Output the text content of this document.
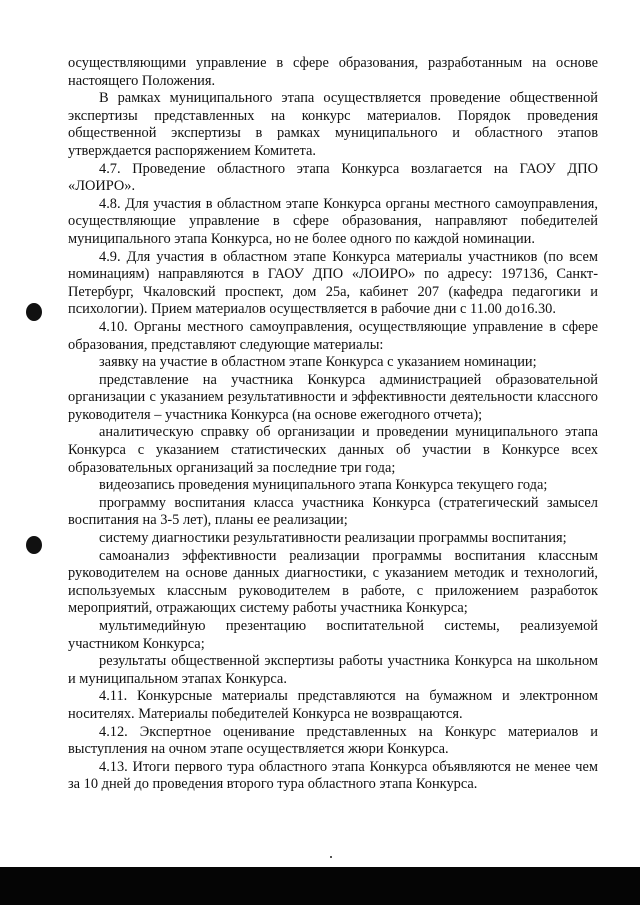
осуществляющими управление в сфере образования, разработанным на основе настоящего Положения.

В рамках муниципального этапа осуществляется проведение общественной экспертизы представленных на конкурс материалов. Порядок проведения общественной экспертизы в рамках муниципального и областного этапов утверждается распоряжением Комитета.

4.7. Проведение областного этапа Конкурса возлагается на ГАОУ ДПО «ЛОИРО».

4.8. Для участия в областном этапе Конкурса органы местного самоуправления, осуществляющие управление в сфере образования, направляют победителей муниципального этапа Конкурса, но не более одного по каждой номинации.

4.9. Для участия в областном этапе Конкурса материалы участников (по всем номинациям) направляются в ГАОУ ДПО «ЛОИРО» по адресу: 197136, Санкт-Петербург, Чкаловский проспект, дом 25а, кабинет 207 (кафедра педагогики и психологии). Прием материалов осуществляется в рабочие дни с 11.00 до16.30.

4.10. Органы местного самоуправления, осуществляющие управление в сфере образования, представляют следующие материалы:

заявку на участие в областном этапе Конкурса с указанием номинации;

представление на участника Конкурса администрацией образовательной организации с указанием результативности и эффективности деятельности классного руководителя – участника Конкурса (на основе ежегодного отчета);

аналитическую справку об организации и проведении муниципального этапа Конкурса с указанием статистических данных об участии в Конкурсе всех образовательных организаций за последние три года;

видеозапись проведения муниципального этапа Конкурса текущего года;

программу воспитания класса участника Конкурса (стратегический замысел воспитания на 3-5 лет), планы ее реализации;

систему диагностики результативности реализации программы воспитания;

самоанализ эффективности реализации программы воспитания классным руководителем на основе данных диагностики, с указанием методик и технологий, используемых классным руководителем в работе, с приложением разработок мероприятий, отражающих систему работы участника Конкурса;

мультимедийную презентацию воспитательной системы, реализуемой участником Конкурса;

результаты общественной экспертизы работы участника Конкурса на школьном и муниципальном этапах Конкурса.

4.11. Конкурсные материалы представляются на бумажном и электронном носителях. Материалы победителей Конкурса не возвращаются.

4.12. Экспертное оценивание представленных на Конкурс материалов и выступления на очном этапе осуществляется жюри Конкурса.

4.13. Итоги первого тура областного этапа Конкурса объявляются не менее чем за 10 дней до проведения второго тура областного этапа Конкурса.
